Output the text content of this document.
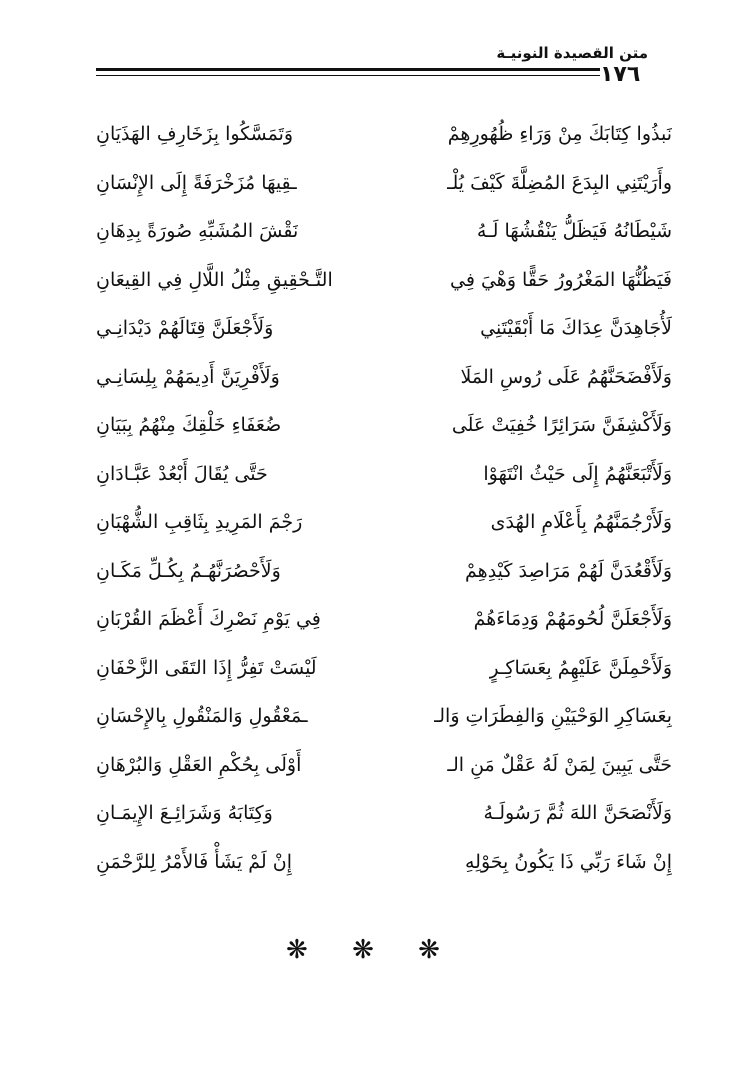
متن القصيدة النونيـة
١٧٦
نَبذُوا كِتَابَكَ مِنْ وَرَاءِ ظُهُورِهِمْ
وَتَمَسَّكُوا بِزَخَارِفِ الهَذَيَانِ
وأَرَيْتَنِي البِدَعَ المُضِلَّةَ كَيْفَ يُلْـ
ـقِيهَا مُزَخْرَفَةً إِلَى الإِنْسَانِ
شَيْطَانُهُ فَيَظَلُّ يَنْقُشُهَا لَـهُ
نَقْشَ المُشَبِّهِ صُورَةً بِدِهَانِ
فَيَظُنُّهَا المَغْرُورُ حَقًّا وَهْيَ فِي
التَّـحْقِيقِ مِثْلُ اللَّالِ فِي القِيعَانِ
لَأُجَاهِدَنَّ عِدَاكَ مَا أَبْقَيْتَنِي
وَلَأَجْعَلَنَّ قِتَالَهُمْ دَيْدَانِـي
وَلَأَفْضَحَنَّهُمُ عَلَى رُوسِ المَلَا
وَلَأَفْرِيَنَّ أَدِيمَهُمْ بِلِسَانِـي
وَلَأَكْشِفَنَّ سَرَائِرًا خُفِيَتْ عَلَى
ضُعَفَاءِ خَلْقِكَ مِنْهُمُ بِبَيَانِ
وَلَأَتْبَعَنَّهُمُ إِلَى حَيْثُ انْتَهَوْا
حَتَّى يُقَالَ أَبْعُدْ عَبَّـادَانِ
وَلَأَرْجُمَنَّهُمُ بِأَعْلَامِ الهُدَى
رَجْمَ المَرِيدِ بِثَاقِبِ الشُّهْبَانِ
وَلَأَقْعُدَنَّ لَهُمْ مَرَاصِدَ كَيْدِهِمْ
وَلَأَحْصُرَنَّهُـمُ بِكُـلِّ مَكَـانِ
وَلَأَجْعَلَنَّ لُحُومَهُمْ وَدِمَاءَهُمْ
فِي يَوْمِ نَصْرِكَ أَعْظَمَ القُرْبَانِ
وَلَأَحْمِلَنَّ عَلَيْهِمُ بِعَسَاكِـرٍ
لَيْسَتْ تَفِرُّ إِذَا التَقَى الزَّحْفَانِ
بِعَسَاكِرِ الوَحْيَيْنِ وَالفِطَرَاتِ وَالـ
ـمَعْقُولِ وَالمَنْقُولِ بِالإِحْسَانِ
حَتَّى يَبِينَ لِمَنْ لَهُ عَقْلٌ مَنِ الـ
أَوْلَى بِحُكْمِ العَقْلِ وَالبُرْهَانِ
وَلَأَنْصَحَنَّ اللهَ ثُمَّ رَسُولَـهُ
وَكِتَابَهُ وَشَرَائِـعَ الإِيمَـانِ
إِنْ شَاءَ رَبِّي ذَا يَكُونُ بِحَوْلِهِ
إِنْ لَمْ يَشَأْ فَالأَمْرُ لِلرَّحْمَنِ
❋ ❋ ❋
